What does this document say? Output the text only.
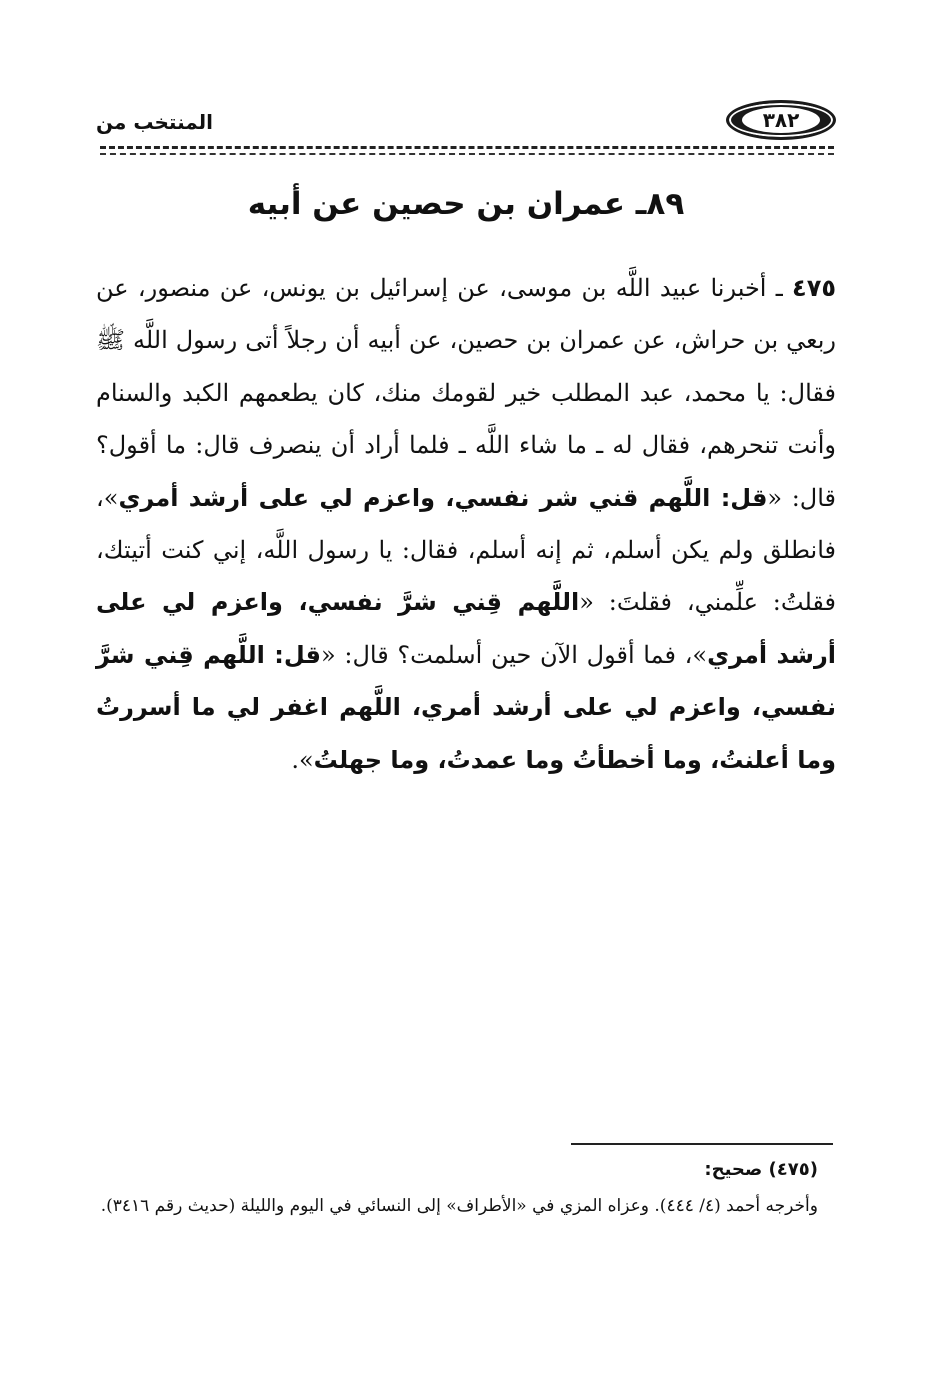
٣٨٢
المنتخب من
٨٩ـ عمران بن حصين عن أبيه
٤٧٥ ـ أخبرنا عبيد اللَّه بن موسى، عن إسرائيل بن يونس، عن منصور، عن ربعي بن حراش، عن عمران بن حصين، عن أبيه أن رجلاً أتى رسول اللَّه ﷺ فقال: يا محمد، عبد المطلب خير لقومك منك، كان يطعمهم الكبد والسنام وأنت تنحرهم، فقال له ـ ما شاء اللَّه ـ فلما أراد أن ينصرف قال: ما أقول؟ قال: «قل: اللَّهم قني شر نفسي، واعزم لي على أرشد أمري»، فانطلق ولم يكن أسلم، ثم إنه أسلم، فقال: يا رسول اللَّه، إني كنت أتيتك، فقلتُ: علِّمني، فقلتَ: «اللَّهم قِني شرَّ نفسي، واعزم لي على أرشد أمري»، فما أقول الآن حين أسلمت؟ قال: «قل: اللَّهم قِني شرَّ نفسي، واعزم لي على أرشد أمري، اللَّهم اغفر لي ما أسررتُ وما أعلنتُ، وما أخطأتُ وما عمدتُ، وما جهلتُ».

(٤٧٥) صحيح:

وأخرجه أحمد (٤/ ٤٤٤). وعزاه المزي في «الأطراف» إلى النسائي في اليوم والليلة (حديث رقم ٣٤١٦).
